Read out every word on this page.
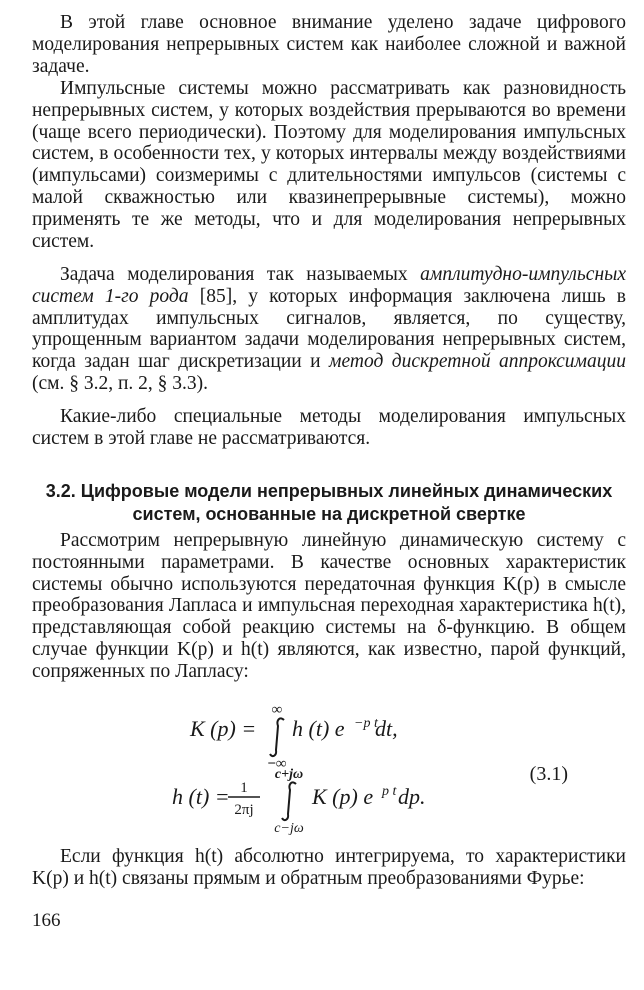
В этой главе основное внимание уделено задаче цифрового моделирования непрерывных систем как наиболее сложной и важной задаче.

Импульсные системы можно рассматривать как разновидность непрерывных систем, у которых воздействия прерываются во времени (чаще всего периодически). Поэтому для моделирования импульсных систем, в особенности тех, у которых интервалы между воздействиями (импульсами) соизмеримы с длительностями импульсов (системы с малой скважностью или квазинепрерывные системы), можно применять те же методы, что и для моделирования непрерывных систем.

Задача моделирования так называемых амплитудно-импульсных систем 1-го рода [85], у которых информация заключена лишь в амплитудах импульсных сигналов, является, по существу, упрощенным вариантом задачи моделирования непрерывных систем, когда задан шаг дискретизации и метод дискретной аппроксимации (см. § 3.2, п. 2, § 3.3).

Какие-либо специальные методы моделирования импульсных систем в этой главе не рассматриваются.

3.2. Цифровые модели непрерывных линейных динамических систем, основанные на дискретной свертке

Рассмотрим непрерывную линейную динамическую систему с постоянными параметрами. В качестве основных характеристик системы обычно используются передаточная функция K(p) в смысле преобразования Лапласа и импульсная переходная характеристика h(t), представляющая собой реакцию системы на δ-функцию. В общем случае функции K(p) и h(t) являются, как известно, парой функций, сопряженных по Лапласу:

K (p) =
∞
−∞
h (t) e −p t
dt,
h (t) = 1
2πj
c+jω
c−jω
K (p) e p t dp.
(3.1)

Если функция h(t) абсолютно интегрируема, то характеристики K(p) и h(t) связаны прямым и обратным преобразованиями Фурье:

166
